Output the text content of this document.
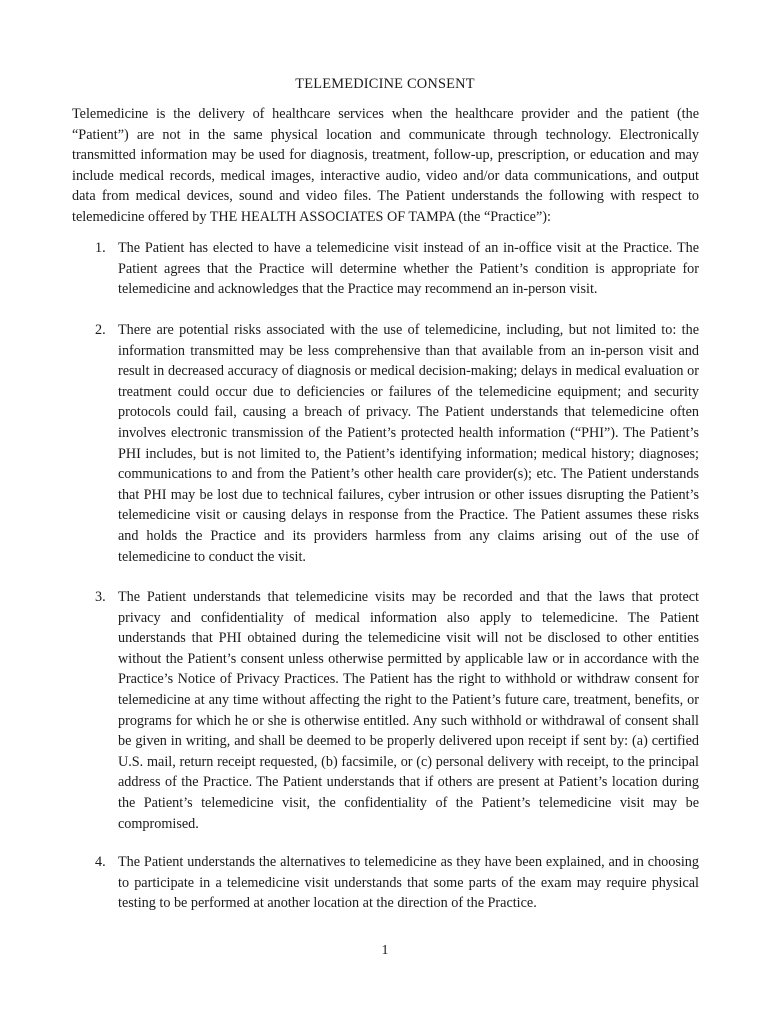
TELEMEDICINE CONSENT

Telemedicine is the delivery of healthcare services when the healthcare provider and the patient (the “Patient”) are not in the same physical location and communicate through technology. Electronically transmitted information may be used for diagnosis, treatment, follow-up, prescription, or education and may include medical records, medical images, interactive audio, video and/or data communications, and output data from medical devices, sound and video files. The Patient understands the following with respect to telemedicine offered by THE HEALTH ASSOCIATES OF TAMPA (the “Practice”):

1. The Patient has elected to have a telemedicine visit instead of an in-office visit at the Practice. The Patient agrees that the Practice will determine whether the Patient’s condition is appropriate for telemedicine and acknowledges that the Practice may recommend an in-person visit.

2. There are potential risks associated with the use of telemedicine, including, but not limited to: the information transmitted may be less comprehensive than that available from an in-person visit and result in decreased accuracy of diagnosis or medical decision-making; delays in medical evaluation or treatment could occur due to deficiencies or failures of the telemedicine equipment; and security protocols could fail, causing a breach of privacy. The Patient understands that telemedicine often involves electronic transmission of the Patient’s protected health information (“PHI”). The Patient’s PHI includes, but is not limited to, the Patient’s identifying information; medical history; diagnoses; communications to and from the Patient’s other health care provider(s); etc. The Patient understands that PHI may be lost due to technical failures, cyber intrusion or other issues disrupting the Patient’s telemedicine visit or causing delays in response from the Practice. The Patient assumes these risks and holds the Practice and its providers harmless from any claims arising out of the use of telemedicine to conduct the visit.

3. The Patient understands that telemedicine visits may be recorded and that the laws that protect privacy and confidentiality of medical information also apply to telemedicine. The Patient understands that PHI obtained during the telemedicine visit will not be disclosed to other entities without the Patient’s consent unless otherwise permitted by applicable law or in accordance with the Practice’s Notice of Privacy Practices. The Patient has the right to withhold or withdraw consent for telemedicine at any time without affecting the right to the Patient’s future care, treatment, benefits, or programs for which he or she is otherwise entitled. Any such withhold or withdrawal of consent shall be given in writing, and shall be deemed to be properly delivered upon receipt if sent by: (a) certified U.S. mail, return receipt requested, (b) facsimile, or (c) personal delivery with receipt, to the principal address of the Practice. The Patient understands that if others are present at Patient’s location during the Patient’s telemedicine visit, the confidentiality of the Patient’s telemedicine visit may be compromised.

4. The Patient understands the alternatives to telemedicine as they have been explained, and in choosing to participate in a telemedicine visit understands that some parts of the exam may require physical testing to be performed at another location at the direction of the Practice.

1
